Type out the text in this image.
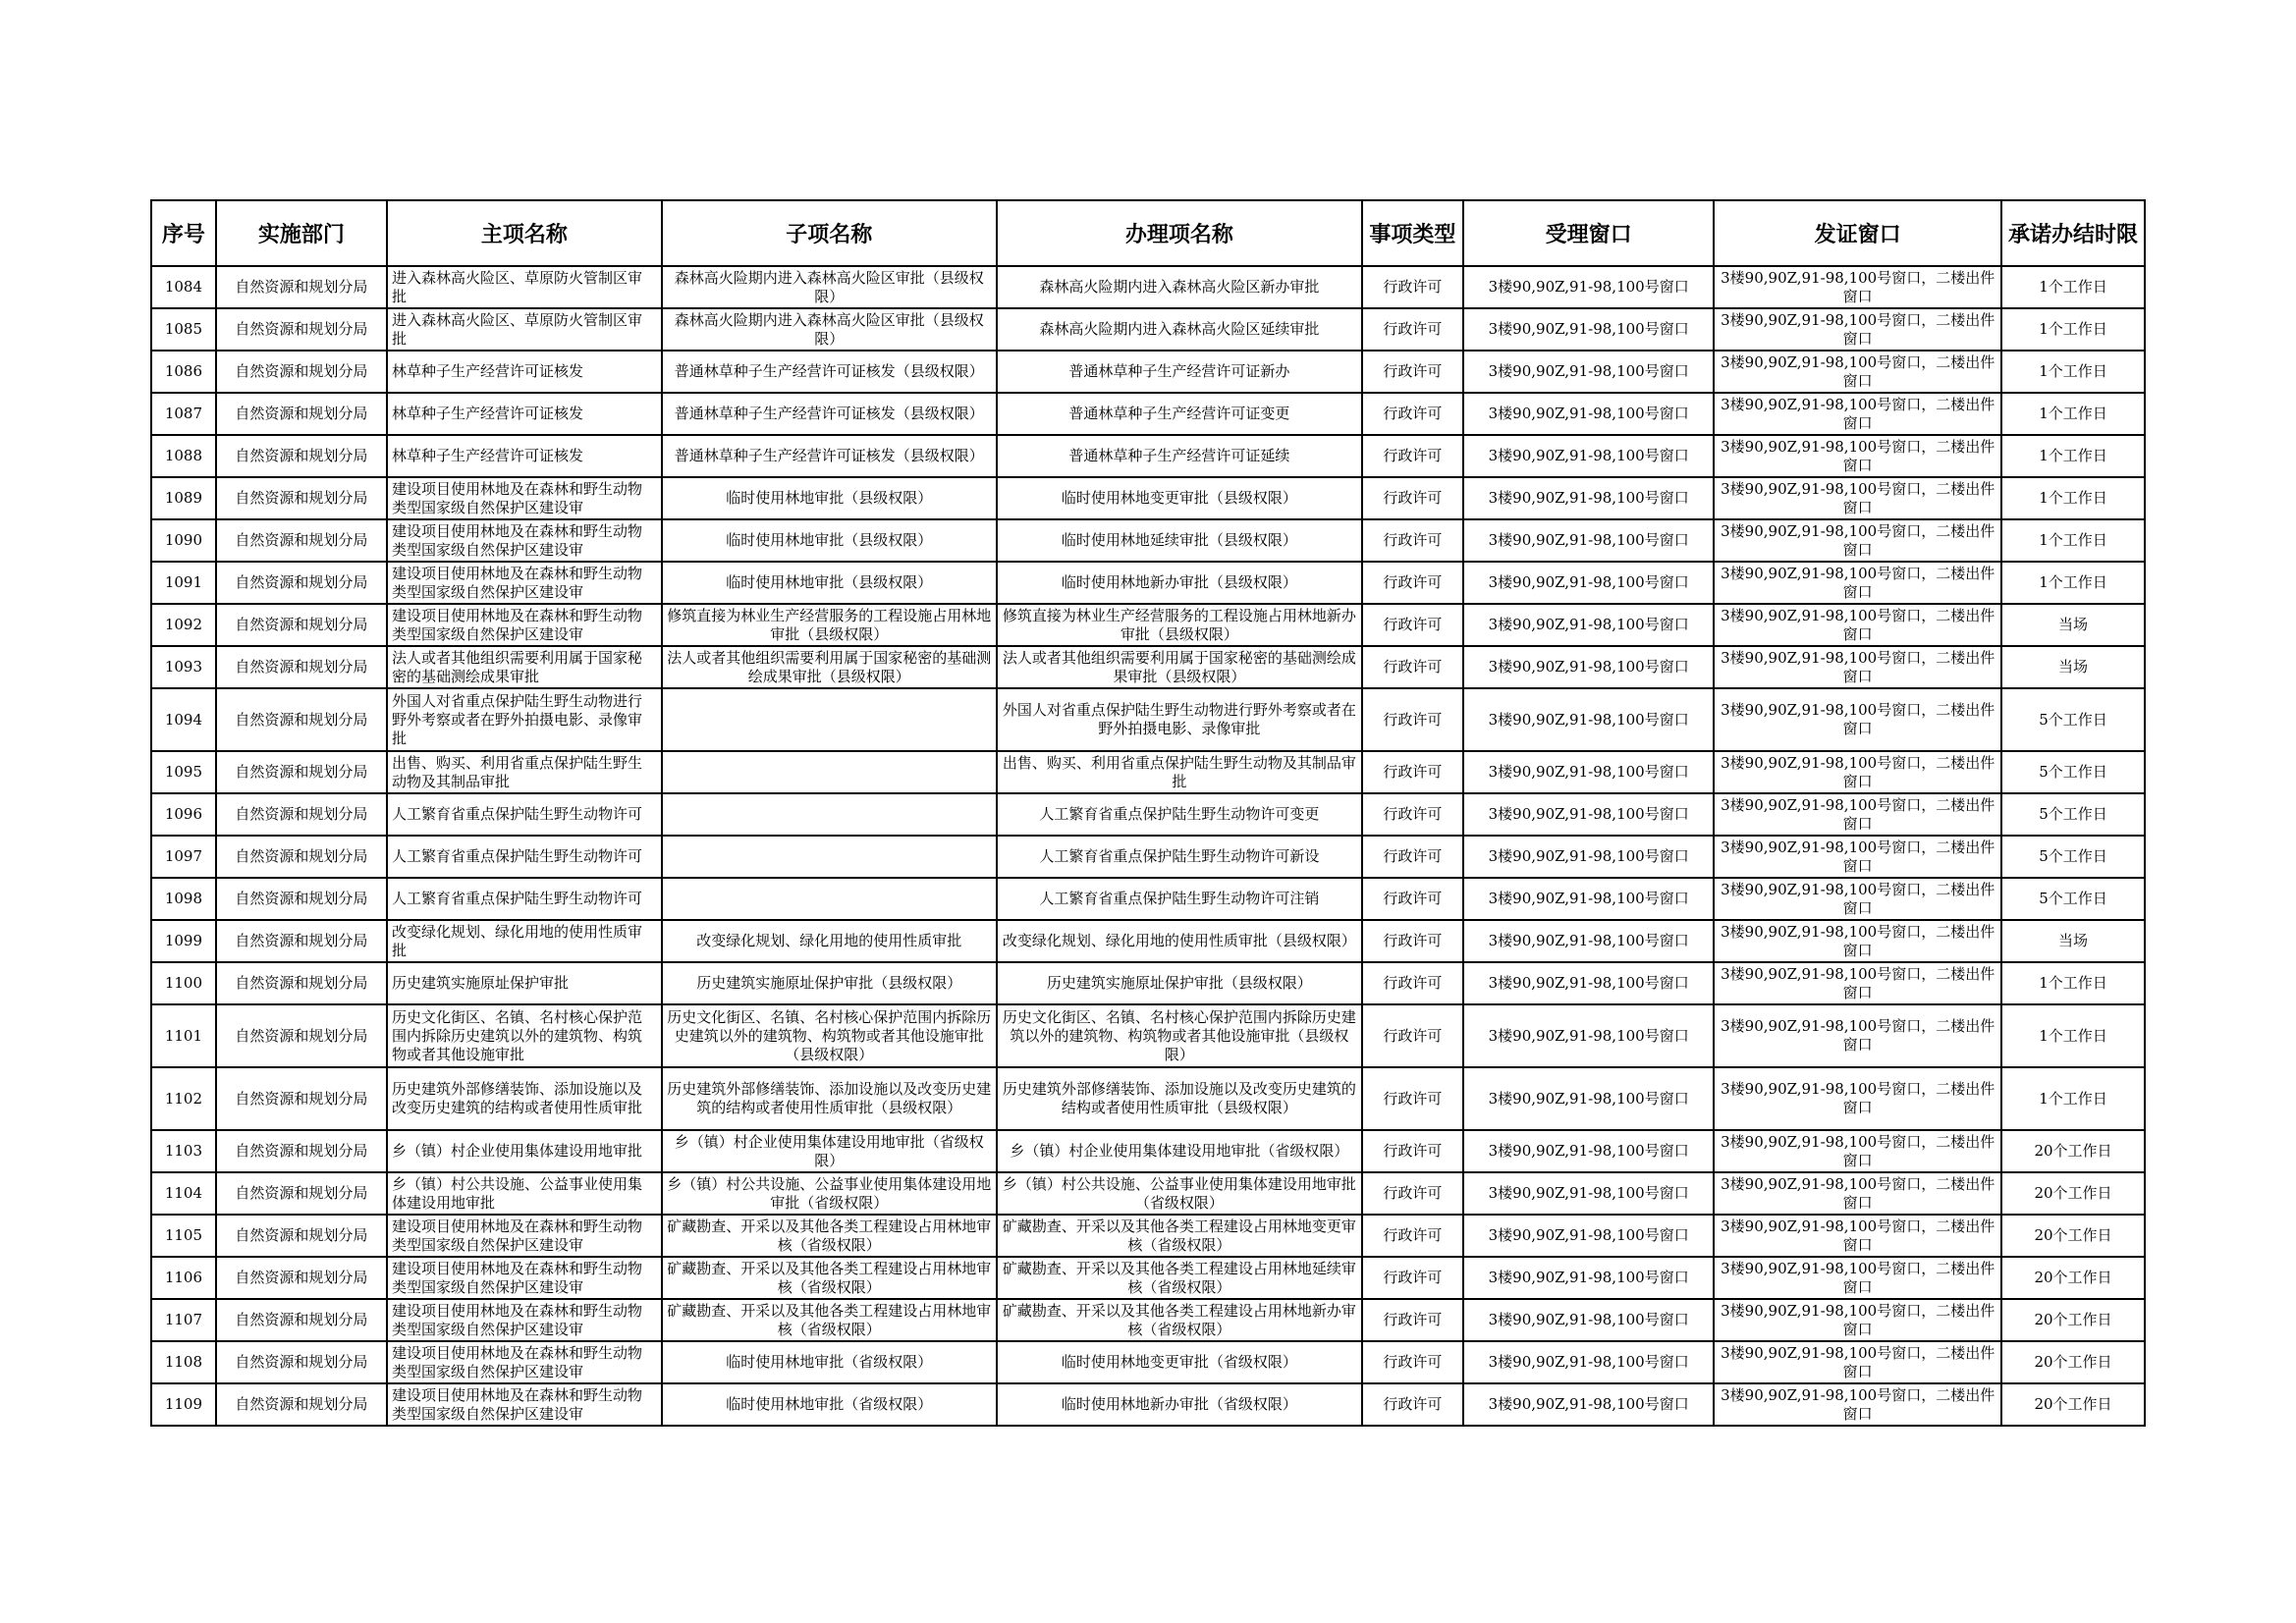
序号	实施部门	主项名称	子项名称	办理项名称	事项类型	受理窗口	发证窗口	承诺办结时限

1084	自然资源和规划分局	进入森林高火险区、草原防火管制区审批	森林高火险期内进入森林高火险区审批（县级权限）	森林高火险期内进入森林高火险区新办审批	行政许可	3楼90,90Z,91-98,100号窗口	3楼90,90Z,91-98,100号窗口，二楼出件窗口	1个工作日

1085	自然资源和规划分局	进入森林高火险区、草原防火管制区审批	森林高火险期内进入森林高火险区审批（县级权限）	森林高火险期内进入森林高火险区延续审批	行政许可	3楼90,90Z,91-98,100号窗口	3楼90,90Z,91-98,100号窗口，二楼出件窗口	1个工作日

1086	自然资源和规划分局	林草种子生产经营许可证核发	普通林草种子生产经营许可证核发（县级权限）	普通林草种子生产经营许可证新办	行政许可	3楼90,90Z,91-98,100号窗口	3楼90,90Z,91-98,100号窗口，二楼出件窗口	1个工作日

1087	自然资源和规划分局	林草种子生产经营许可证核发	普通林草种子生产经营许可证核发（县级权限）	普通林草种子生产经营许可证变更	行政许可	3楼90,90Z,91-98,100号窗口	3楼90,90Z,91-98,100号窗口，二楼出件窗口	1个工作日

1088	自然资源和规划分局	林草种子生产经营许可证核发	普通林草种子生产经营许可证核发（县级权限）	普通林草种子生产经营许可证延续	行政许可	3楼90,90Z,91-98,100号窗口	3楼90,90Z,91-98,100号窗口，二楼出件窗口	1个工作日

1089	自然资源和规划分局	建设项目使用林地及在森林和野生动物类型国家级自然保护区建设审	临时使用林地审批（县级权限）	临时使用林地变更审批（县级权限）	行政许可	3楼90,90Z,91-98,100号窗口	3楼90,90Z,91-98,100号窗口，二楼出件窗口	1个工作日

1090	自然资源和规划分局	建设项目使用林地及在森林和野生动物类型国家级自然保护区建设审	临时使用林地审批（县级权限）	临时使用林地延续审批（县级权限）	行政许可	3楼90,90Z,91-98,100号窗口	3楼90,90Z,91-98,100号窗口，二楼出件窗口	1个工作日

1091	自然资源和规划分局	建设项目使用林地及在森林和野生动物类型国家级自然保护区建设审	临时使用林地审批（县级权限）	临时使用林地新办审批（县级权限）	行政许可	3楼90,90Z,91-98,100号窗口	3楼90,90Z,91-98,100号窗口，二楼出件窗口	1个工作日

1092	自然资源和规划分局	建设项目使用林地及在森林和野生动物类型国家级自然保护区建设审	修筑直接为林业生产经营服务的工程设施占用林地审批（县级权限）	修筑直接为林业生产经营服务的工程设施占用林地新办审批（县级权限）	行政许可	3楼90,90Z,91-98,100号窗口	3楼90,90Z,91-98,100号窗口，二楼出件窗口	当场

1093	自然资源和规划分局	法人或者其他组织需要利用属于国家秘密的基础测绘成果审批	法人或者其他组织需要利用属于国家秘密的基础测绘成果审批（县级权限）	法人或者其他组织需要利用属于国家秘密的基础测绘成果审批（县级权限）	行政许可	3楼90,90Z,91-98,100号窗口	3楼90,90Z,91-98,100号窗口，二楼出件窗口	当场

1094	自然资源和规划分局	外国人对省重点保护陆生野生动物进行野外考察或者在野外拍摄电影、录像审批		外国人对省重点保护陆生野生动物进行野外考察或者在野外拍摄电影、录像审批	行政许可	3楼90,90Z,91-98,100号窗口	3楼90,90Z,91-98,100号窗口，二楼出件窗口	5个工作日

1095	自然资源和规划分局	出售、购买、利用省重点保护陆生野生动物及其制品审批		出售、购买、利用省重点保护陆生野生动物及其制品审批	行政许可	3楼90,90Z,91-98,100号窗口	3楼90,90Z,91-98,100号窗口，二楼出件窗口	5个工作日

1096	自然资源和规划分局	人工繁育省重点保护陆生野生动物许可		人工繁育省重点保护陆生野生动物许可变更	行政许可	3楼90,90Z,91-98,100号窗口	3楼90,90Z,91-98,100号窗口，二楼出件窗口	5个工作日

1097	自然资源和规划分局	人工繁育省重点保护陆生野生动物许可		人工繁育省重点保护陆生野生动物许可新设	行政许可	3楼90,90Z,91-98,100号窗口	3楼90,90Z,91-98,100号窗口，二楼出件窗口	5个工作日

1098	自然资源和规划分局	人工繁育省重点保护陆生野生动物许可		人工繁育省重点保护陆生野生动物许可注销	行政许可	3楼90,90Z,91-98,100号窗口	3楼90,90Z,91-98,100号窗口，二楼出件窗口	5个工作日

1099	自然资源和规划分局	改变绿化规划、绿化用地的使用性质审批	改变绿化规划、绿化用地的使用性质审批	改变绿化规划、绿化用地的使用性质审批（县级权限）	行政许可	3楼90,90Z,91-98,100号窗口	3楼90,90Z,91-98,100号窗口，二楼出件窗口	当场

1100	自然资源和规划分局	历史建筑实施原址保护审批	历史建筑实施原址保护审批（县级权限）	历史建筑实施原址保护审批（县级权限）	行政许可	3楼90,90Z,91-98,100号窗口	3楼90,90Z,91-98,100号窗口，二楼出件窗口	1个工作日

1101	自然资源和规划分局	历史文化街区、名镇、名村核心保护范围内拆除历史建筑以外的建筑物、构筑物或者其他设施审批	历史文化街区、名镇、名村核心保护范围内拆除历史建筑以外的建筑物、构筑物或者其他设施审批（县级权限）	历史文化街区、名镇、名村核心保护范围内拆除历史建筑以外的建筑物、构筑物或者其他设施审批（县级权限）	行政许可	3楼90,90Z,91-98,100号窗口	3楼90,90Z,91-98,100号窗口，二楼出件窗口	1个工作日

1102	自然资源和规划分局	历史建筑外部修缮装饰、添加设施以及改变历史建筑的结构或者使用性质审批	历史建筑外部修缮装饰、添加设施以及改变历史建筑的结构或者使用性质审批（县级权限）	历史建筑外部修缮装饰、添加设施以及改变历史建筑的结构或者使用性质审批（县级权限）	行政许可	3楼90,90Z,91-98,100号窗口	3楼90,90Z,91-98,100号窗口，二楼出件窗口	1个工作日

1103	自然资源和规划分局	乡（镇）村企业使用集体建设用地审批	乡（镇）村企业使用集体建设用地审批（省级权限）	乡（镇）村企业使用集体建设用地审批（省级权限）	行政许可	3楼90,90Z,91-98,100号窗口	3楼90,90Z,91-98,100号窗口，二楼出件窗口	20个工作日

1104	自然资源和规划分局	乡（镇）村公共设施、公益事业使用集体建设用地审批	乡（镇）村公共设施、公益事业使用集体建设用地审批（省级权限）	乡（镇）村公共设施、公益事业使用集体建设用地审批（省级权限）	行政许可	3楼90,90Z,91-98,100号窗口	3楼90,90Z,91-98,100号窗口，二楼出件窗口	20个工作日

1105	自然资源和规划分局	建设项目使用林地及在森林和野生动物类型国家级自然保护区建设审	矿藏勘查、开采以及其他各类工程建设占用林地审核（省级权限）	矿藏勘查、开采以及其他各类工程建设占用林地变更审核（省级权限）	行政许可	3楼90,90Z,91-98,100号窗口	3楼90,90Z,91-98,100号窗口，二楼出件窗口	20个工作日

1106	自然资源和规划分局	建设项目使用林地及在森林和野生动物类型国家级自然保护区建设审	矿藏勘查、开采以及其他各类工程建设占用林地审核（省级权限）	矿藏勘查、开采以及其他各类工程建设占用林地延续审核（省级权限）	行政许可	3楼90,90Z,91-98,100号窗口	3楼90,90Z,91-98,100号窗口，二楼出件窗口	20个工作日

1107	自然资源和规划分局	建设项目使用林地及在森林和野生动物类型国家级自然保护区建设审	矿藏勘查、开采以及其他各类工程建设占用林地审核（省级权限）	矿藏勘查、开采以及其他各类工程建设占用林地新办审核（省级权限）	行政许可	3楼90,90Z,91-98,100号窗口	3楼90,90Z,91-98,100号窗口，二楼出件窗口	20个工作日

1108	自然资源和规划分局	建设项目使用林地及在森林和野生动物类型国家级自然保护区建设审	临时使用林地审批（省级权限）	临时使用林地变更审批（省级权限）	行政许可	3楼90,90Z,91-98,100号窗口	3楼90,90Z,91-98,100号窗口，二楼出件窗口	20个工作日

1109	自然资源和规划分局	建设项目使用林地及在森林和野生动物类型国家级自然保护区建设审	临时使用林地审批（省级权限）	临时使用林地新办审批（省级权限）	行政许可	3楼90,90Z,91-98,100号窗口	3楼90,90Z,91-98,100号窗口，二楼出件窗口	20个工作日
